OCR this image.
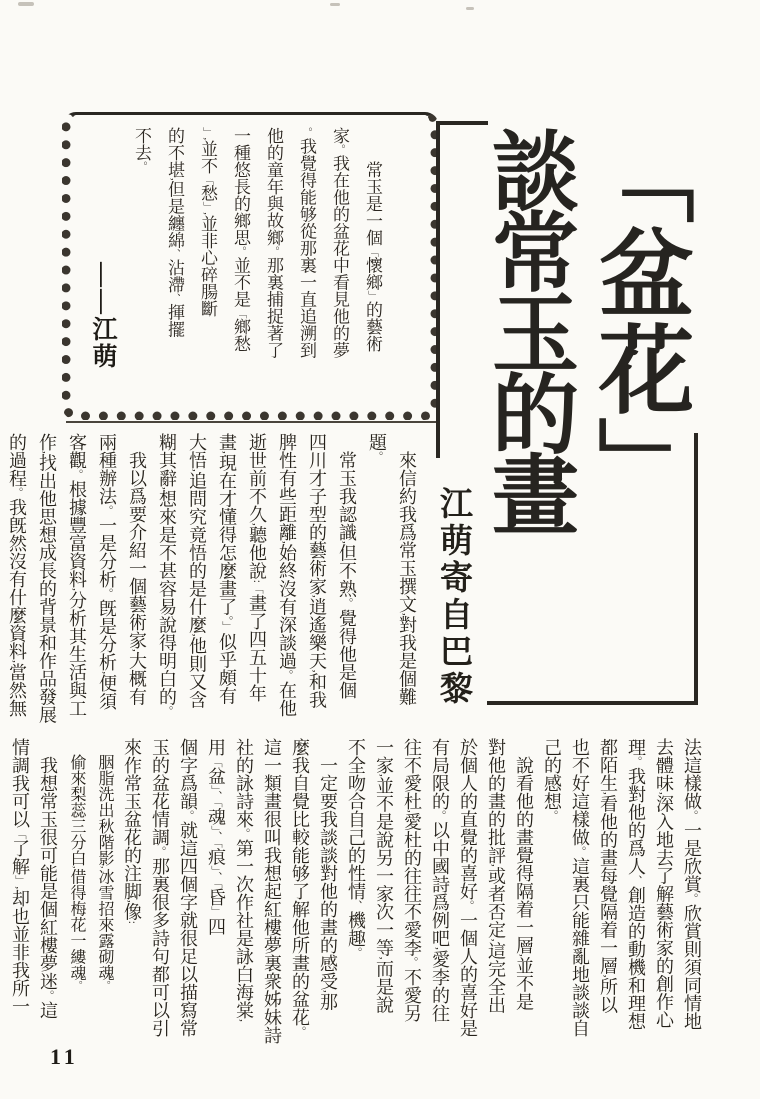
常玉是一個「懷鄉」的藝術
家。我在他的盆花中看見他的夢
。我覺得能够從那裏一直追溯到
他的童年與故鄉。那裏捕捉著了
一種悠長的鄉思。並不是「鄉愁
」,並不「愁」,並非心碎腸斷
的不堪,但是纏綿、沾滯、揮擺
不去。
——江萌	「盆花」
談常玉的畫
江萌寄自巴黎
來信約我爲常玉撰文,對我是個難
題。
常玉我認識,但不熟。覺得他是個
四川才子型的藝術家,逍遙樂天,和我
脾性有些距離,始終沒有深談過。在他
逝世前不久,聽他說:「畫了四五十年
畫,現在才懂得怎麼畫了。」似乎頗有
大悟,追問究竟悟的是什麼,他則又含
糊其辭,想來是不甚容易說得明白的。
我以爲要介紹一個藝術家,大概有
兩種辦法。一是分析。旣是分析,便須
客觀。根據豐富資料,分析其生活與工
作,找出他思想成長的背景和作品發展
的過程。我旣然沒有什麼資料,當然無
法這樣做。一是欣賞。欣賞則須同情地
去體味,深入地去了解藝術家的創作心
理。我對他的爲人、創造的動機和理想
都陌生,看他的畫每覺隔着一層,所以
也不好這樣做。這裏只能雜亂地談談自
己的感想。
說看他的畫覺得隔着一層,並不是
對他的畫的批評,或者否定,這完全出
於個人的直覺的喜好。一個人的喜好是
有局限的。以中國詩爲例吧,愛李的往
往不愛杜,愛杜的往往不愛李。不愛另
一家,並不是說另一家次一等,而是說
不全吻合自己的性情、機趣。
一定要我談談對他的畫的感受,那
麼我自覺比較能够了解他所畫的盆花。
這一類畫很叫我想起紅樓夢裏衆姊妹詩
社的詠詩來。第一次作社是詠白海棠,
用「盆」、「魂」、「痕」、「昏」四
個字爲韻。就這四個字就很足以描寫常
玉的盆花情調。那裏很多詩句都可以引
來作常玉盆花的注脚,像:
胭脂洗出秋階影,冰雪招來露砌魂。
偷來梨蕊三分白,借得梅花一縷魂。
我想常玉很可能是個紅樓夢迷。這
情調我可以「了解」,却也並非我所一
11
